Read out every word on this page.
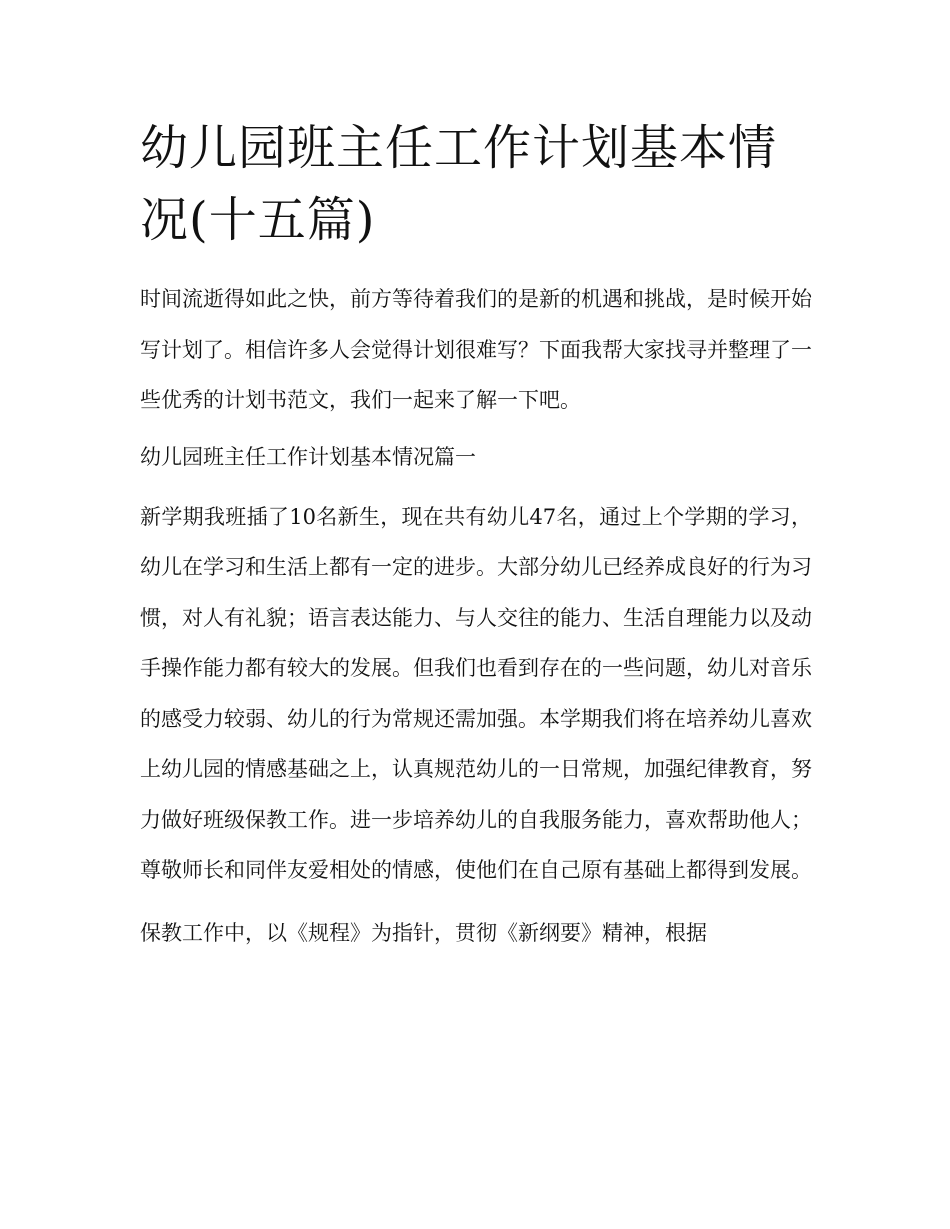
幼儿园班主任工作计划基本情况(十五篇)

时间流逝得如此之快，前方等待着我们的是新的机遇和挑战，是时候开始写计划了。相信许多人会觉得计划很难写？下面我帮大家找寻并整理了一些优秀的计划书范文，我们一起来了解一下吧。

幼儿园班主任工作计划基本情况篇一

新学期我班插了10名新生，现在共有幼儿47名，通过上个学期的学习，幼儿在学习和生活上都有一定的进步。大部分幼儿已经养成良好的行为习惯，对人有礼貌；语言表达能力、与人交往的能力、生活自理能力以及动手操作能力都有较大的发展。但我们也看到存在的一些问题，幼儿对音乐的感受力较弱、幼儿的行为常规还需加强。本学期我们将在培养幼儿喜欢上幼儿园的情感基础之上，认真规范幼儿的一日常规，加强纪律教育，努力做好班级保教工作。进一步培养幼儿的自我服务能力，喜欢帮助他人；尊敬师长和同伴友爱相处的情感，使他们在自己原有基础上都得到发展。

保教工作中，以《规程》为指针，贯彻《新纲要》精神，根据
